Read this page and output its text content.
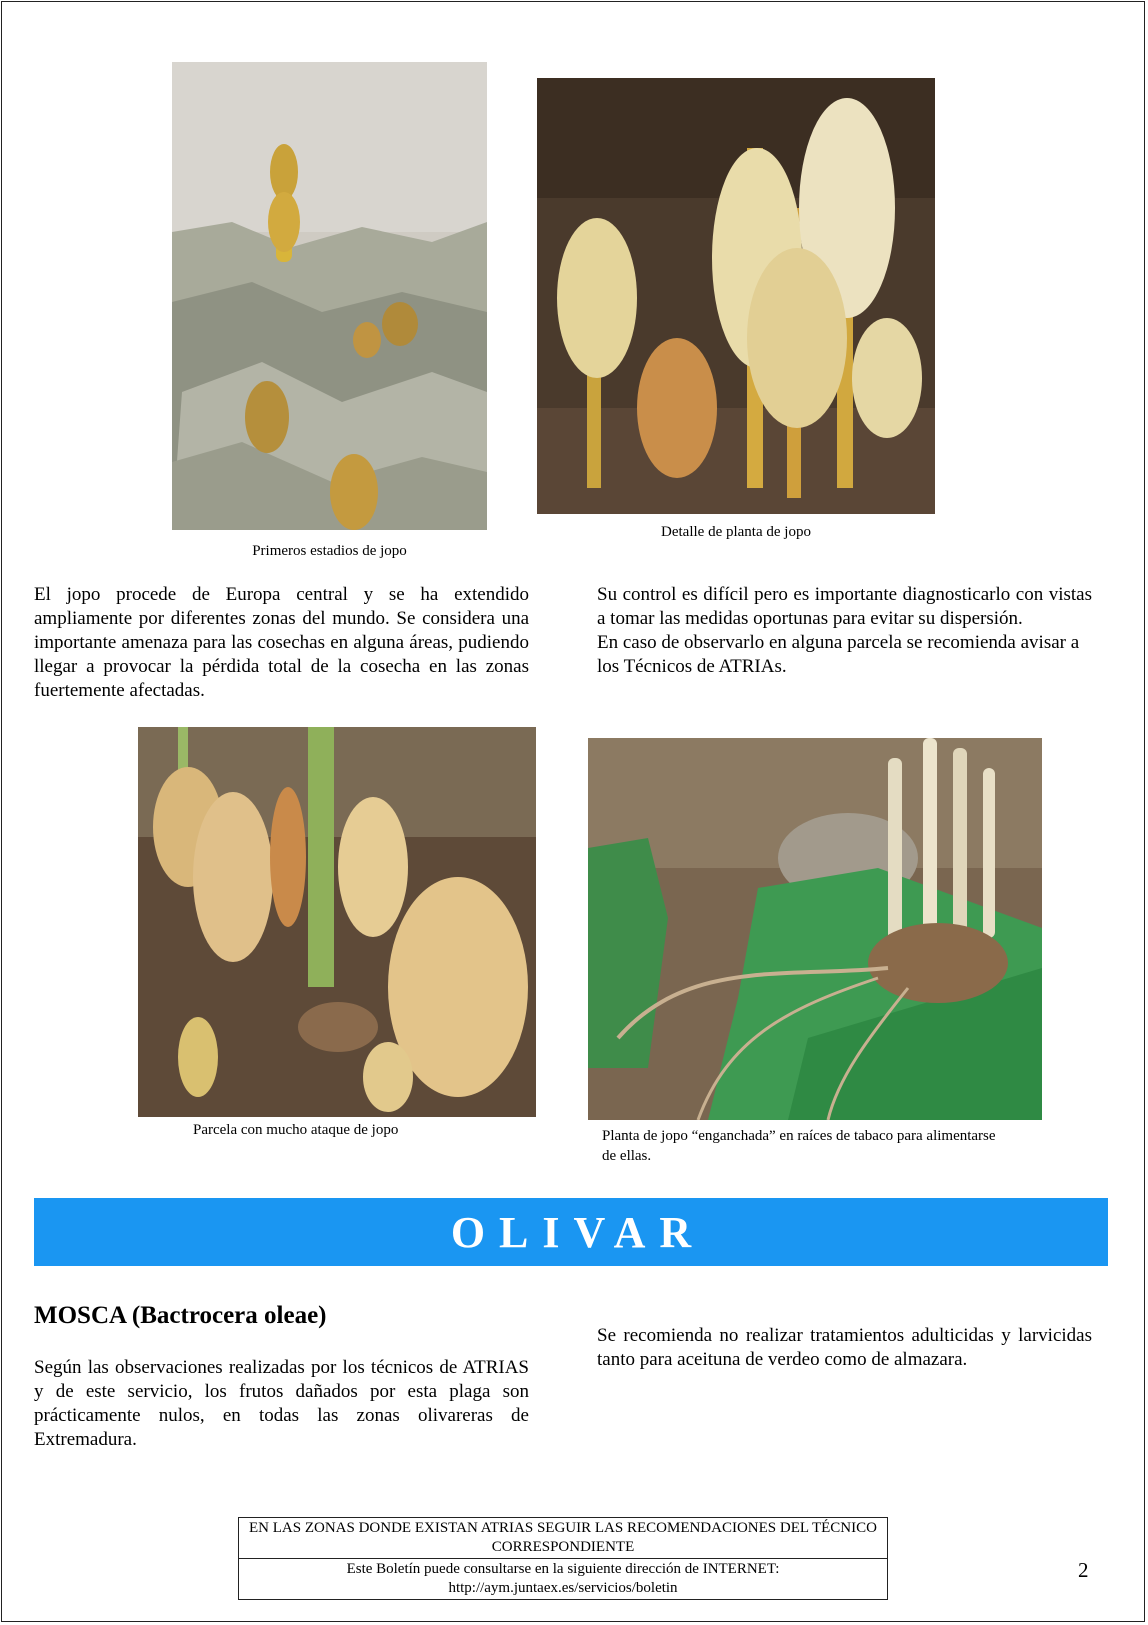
Primeros estadios de jopo
Detalle de planta de jopo

El jopo procede de Europa central y se ha extendido ampliamente por diferentes zonas del mundo. Se considera una importante amenaza para las cosechas en alguna áreas, pudiendo llegar a provocar la pérdida total de la cosecha en las zonas fuertemente afectadas.

Su control es difícil pero es importante diagnosticarlo con vistas a tomar las medidas oportunas para evitar su dispersión.

En caso de observarlo en alguna parcela se recomienda avisar a los Técnicos de ATRIAs.

Parcela con mucho ataque de jopo	Planta de jopo “enganchada” en raíces de tabaco para alimentarse de ellas.
OLIVAR
MOSCA (Bactrocera oleae)

Según las observaciones realizadas por los técnicos de ATRIAS y de este servicio, los frutos dañados por esta plaga son prácticamente nulos, en todas las zonas olivareras de Extremadura.

Se recomienda no realizar tratamientos adulticidas y larvicidas tanto para aceituna de verdeo como de almazara.

EN LAS ZONAS DONDE EXISTAN ATRIAS SEGUIR LAS RECOMENDACIONES DEL TÉCNICO CORRESPONDIENTE
Este Boletín puede consultarse en la siguiente dirección de INTERNET:
http://aym.juntaex.es/servicios/boletin
2
